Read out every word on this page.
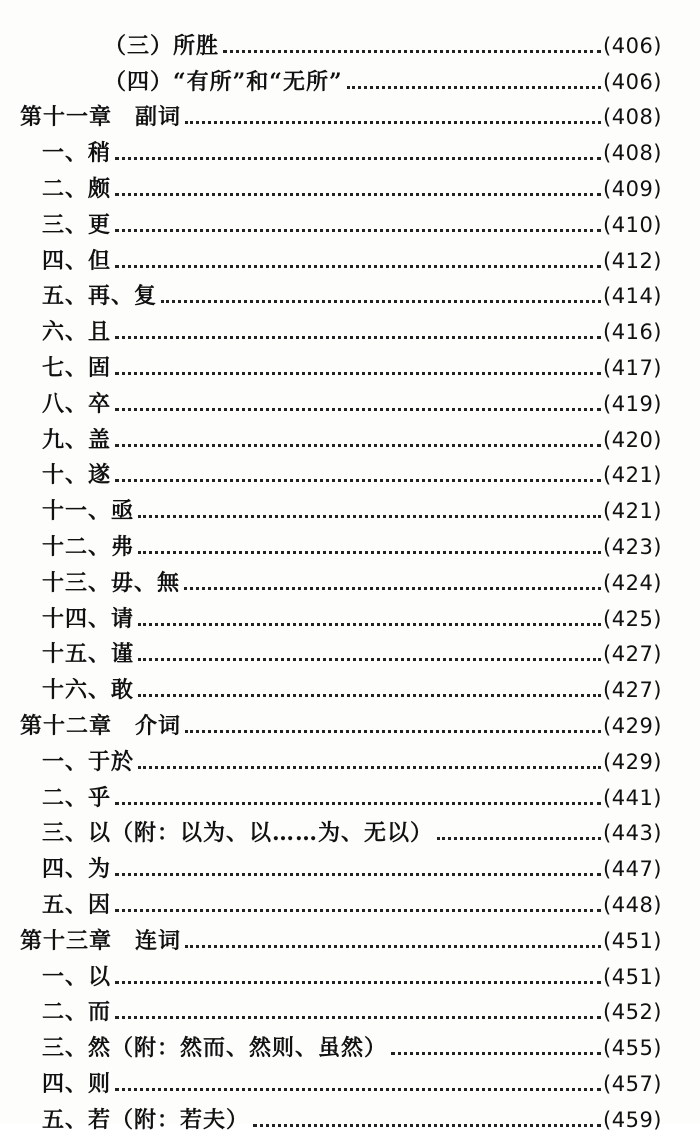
（三）所胜	(406)
（四）“有所”和“无所”	(406)
第十一章　副词	(408)
一、稍	(408)
二、颇	(409)
三、更	(410)
四、但	(412)
五、再、复	(414)
六、且	(416)
七、固	(417)
八、卒	(419)
九、盖	(420)
十、遂	(421)
十一、亟	(421)
十二、弗	(423)
十三、毋、無	(424)
十四、请	(425)
十五、谨	(427)
十六、敢	(427)
第十二章　介词	(429)
一、于於	(429)
二、乎	(441)
三、以（附：以为、以……为、无以）	(443)
四、为	(447)
五、因	(448)
第十三章　连词	(451)
一、以	(451)
二、而	(452)
三、然（附：然而、然则、虽然）	(455)
四、则	(457)
五、若（附：若夫）	(459)
